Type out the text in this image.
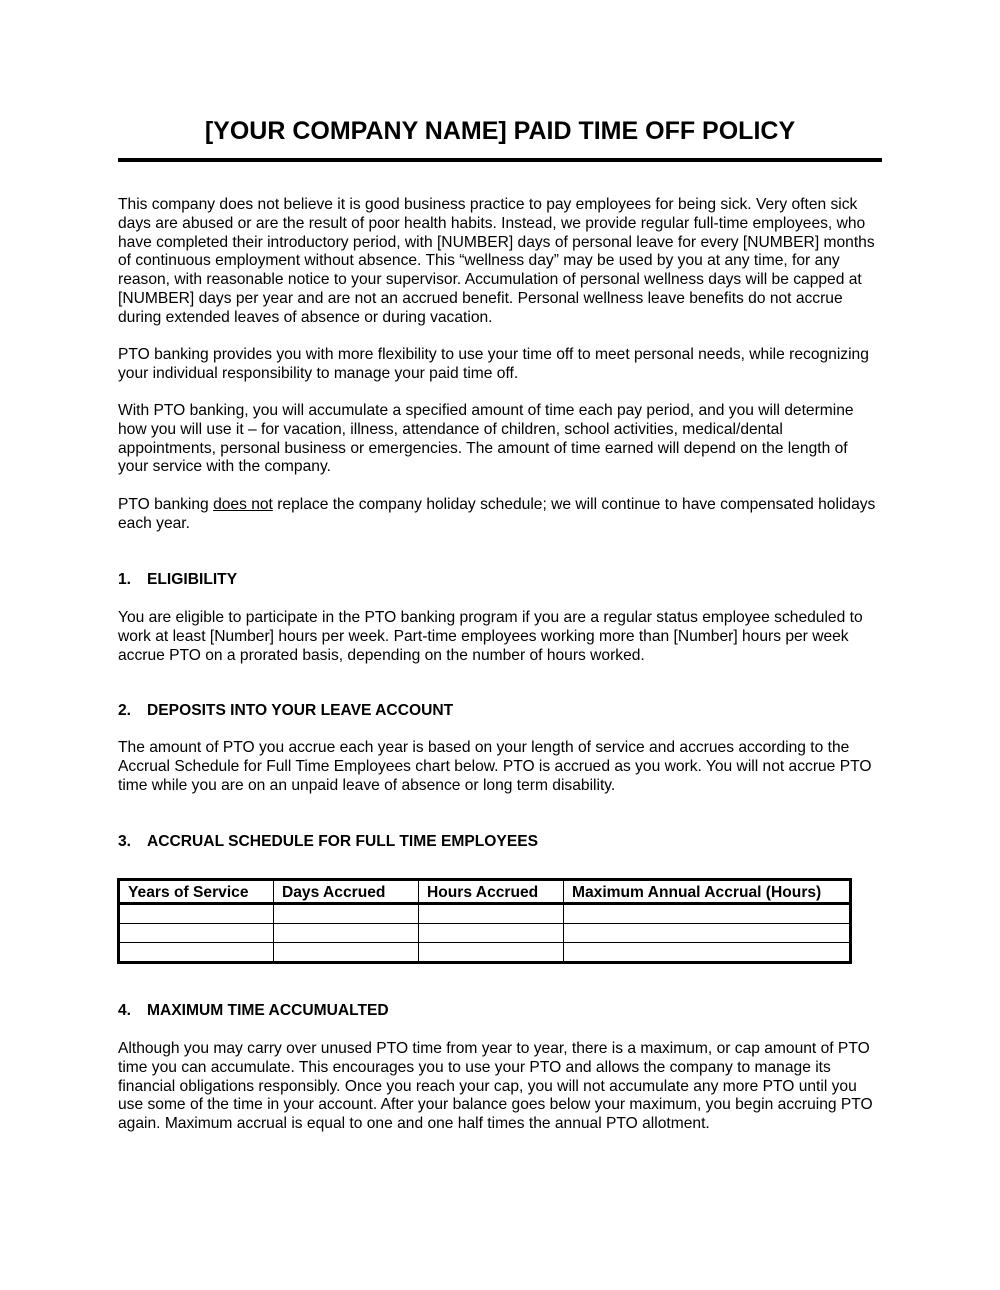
[YOUR COMPANY NAME] PAID TIME OFF POLICY

This company does not believe it is good business practice to pay employees for being sick. Very often sick days are abused or are the result of poor health habits. Instead, we provide regular full-time employees, who have completed their introductory period, with [NUMBER] days of personal leave for every [NUMBER] months of continuous employment without absence. This “wellness day” may be used by you at any time, for any reason, with reasonable notice to your supervisor. Accumulation of personal wellness days will be capped at [NUMBER] days per year and are not an accrued benefit. Personal wellness leave benefits do not accrue during extended leaves of absence or during vacation.

PTO banking provides you with more flexibility to use your time off to meet personal needs, while recognizing your individual responsibility to manage your paid time off.

With PTO banking, you will accumulate a specified amount of time each pay period, and you will determine how you will use it – for vacation, illness, attendance of children, school activities, medical/dental appointments, personal business or emergencies. The amount of time earned will depend on the length of your service with the company.

PTO banking does not replace the company holiday schedule; we will continue to have compensated holidays each year.

1. ELIGIBILITY

You are eligible to participate in the PTO banking program if you are a regular status employee scheduled to work at least [Number] hours per week. Part-time employees working more than [Number] hours per week accrue PTO on a prorated basis, depending on the number of hours worked.

2. DEPOSITS INTO YOUR LEAVE ACCOUNT

The amount of PTO you accrue each year is based on your length of service and accrues according to the Accrual Schedule for Full Time Employees chart below. PTO is accrued as you work. You will not accrue PTO time while you are on an unpaid leave of absence or long term disability.

3. ACCRUAL SCHEDULE FOR FULL TIME EMPLOYEES
Years of Service	Days Accrued	Hours Accrued	Maximum Annual Accrual (Hours)

4. MAXIMUM TIME ACCUMUALTED

Although you may carry over unused PTO time from year to year, there is a maximum, or cap amount of PTO time you can accumulate. This encourages you to use your PTO and allows the company to manage its financial obligations responsibly. Once you reach your cap, you will not accumulate any more PTO until you use some of the time in your account. After your balance goes below your maximum, you begin accruing PTO again. Maximum accrual is equal to one and one half times the annual PTO allotment.
